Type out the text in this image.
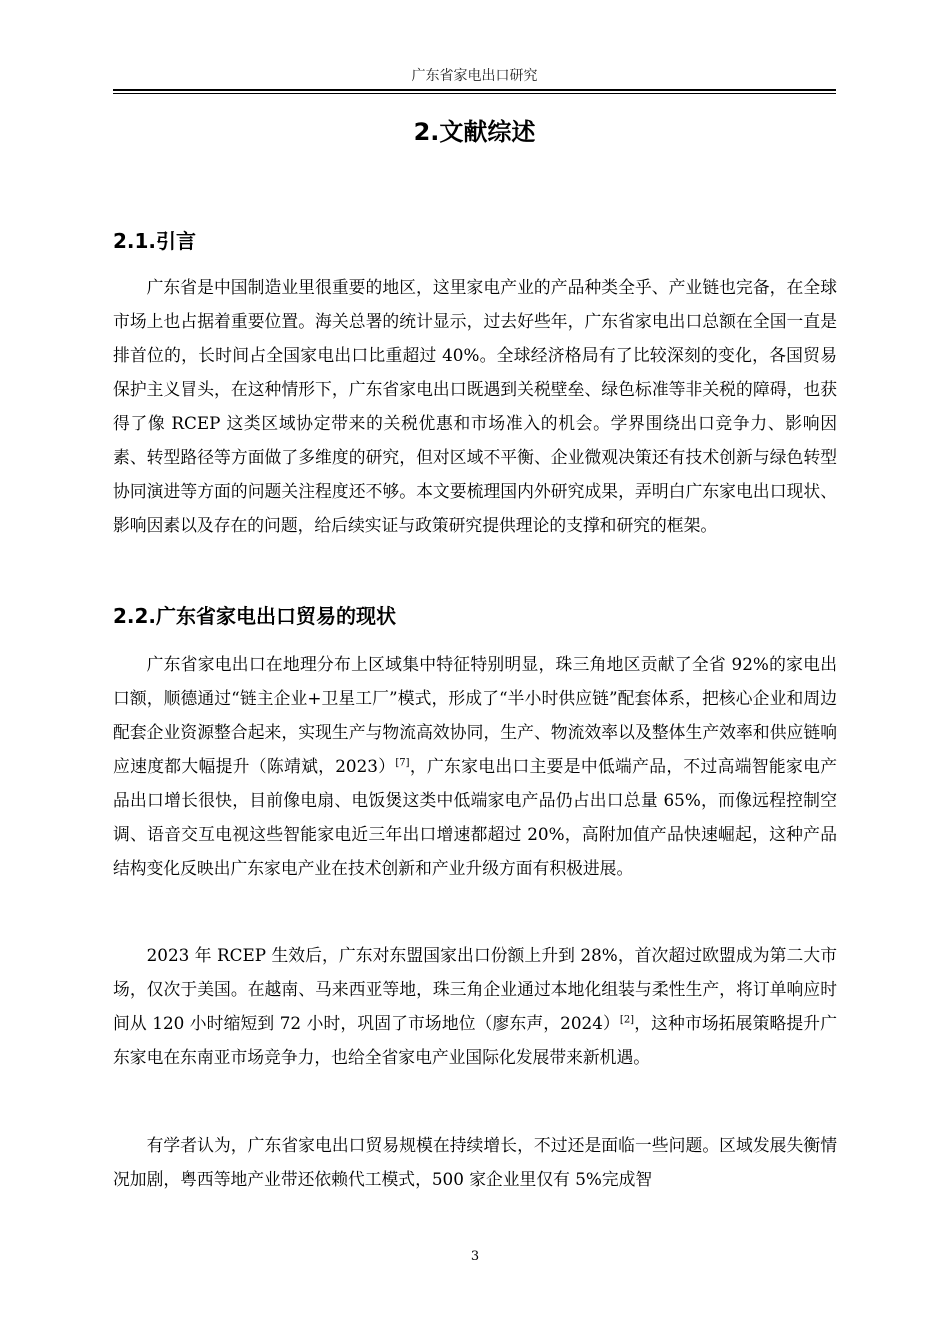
广东省家电出口研究
2.文献综述
2.1.引言

广东省是中国制造业里很重要的地区，这里家电产业的产品种类全乎、产业链也完备，在全球市场上也占据着重要位置。海关总署的统计显示，过去好些年，广东省家电出口总额在全国一直是排首位的，长时间占全国家电出口比重超过 40%。全球经济格局有了比较深刻的变化，各国贸易保护主义冒头，在这种情形下，广东省家电出口既遇到关税壁垒、绿色标准等非关税的障碍，也获得了像 RCEP 这类区域协定带来的关税优惠和市场准入的机会。学界围绕出口竞争力、影响因素、转型路径等方面做了多维度的研究，但对区域不平衡、企业微观决策还有技术创新与绿色转型协同演进等方面的问题关注程度还不够。本文要梳理国内外研究成果，弄明白广东家电出口现状、影响因素以及存在的问题，给后续实证与政策研究提供理论的支撑和研究的框架。

2.2.广东省家电出口贸易的现状

广东省家电出口在地理分布上区域集中特征特别明显，珠三角地区贡献了全省 92%的家电出口额，顺德通过“链主企业+卫星工厂”模式，形成了“半小时供应链”配套体系，把核心企业和周边配套企业资源整合起来，实现生产与物流高效协同，生产、物流效率以及整体生产效率和供应链响应速度都大幅提升（陈靖斌，2023）[7]，广东家电出口主要是中低端产品，不过高端智能家电产品出口增长很快，目前像电扇、电饭煲这类中低端家电产品仍占出口总量 65%，而像远程控制空调、语音交互电视这些智能家电近三年出口增速都超过 20%，高附加值产品快速崛起，这种产品结构变化反映出广东家电产业在技术创新和产业升级方面有积极进展。

2023 年 RCEP 生效后，广东对东盟国家出口份额上升到 28%，首次超过欧盟成为第二大市场，仅次于美国。在越南、马来西亚等地，珠三角企业通过本地化组装与柔性生产，将订单响应时间从 120 小时缩短到 72 小时，巩固了市场地位（廖东声，2024）[2]，这种市场拓展策略提升广东家电在东南亚市场竞争力，也给全省家电产业国际化发展带来新机遇。

有学者认为，广东省家电出口贸易规模在持续增长，不过还是面临一些问题。区域发展失衡情况加剧，粤西等地产业带还依赖代工模式，500 家企业里仅有 5%完成智

3
